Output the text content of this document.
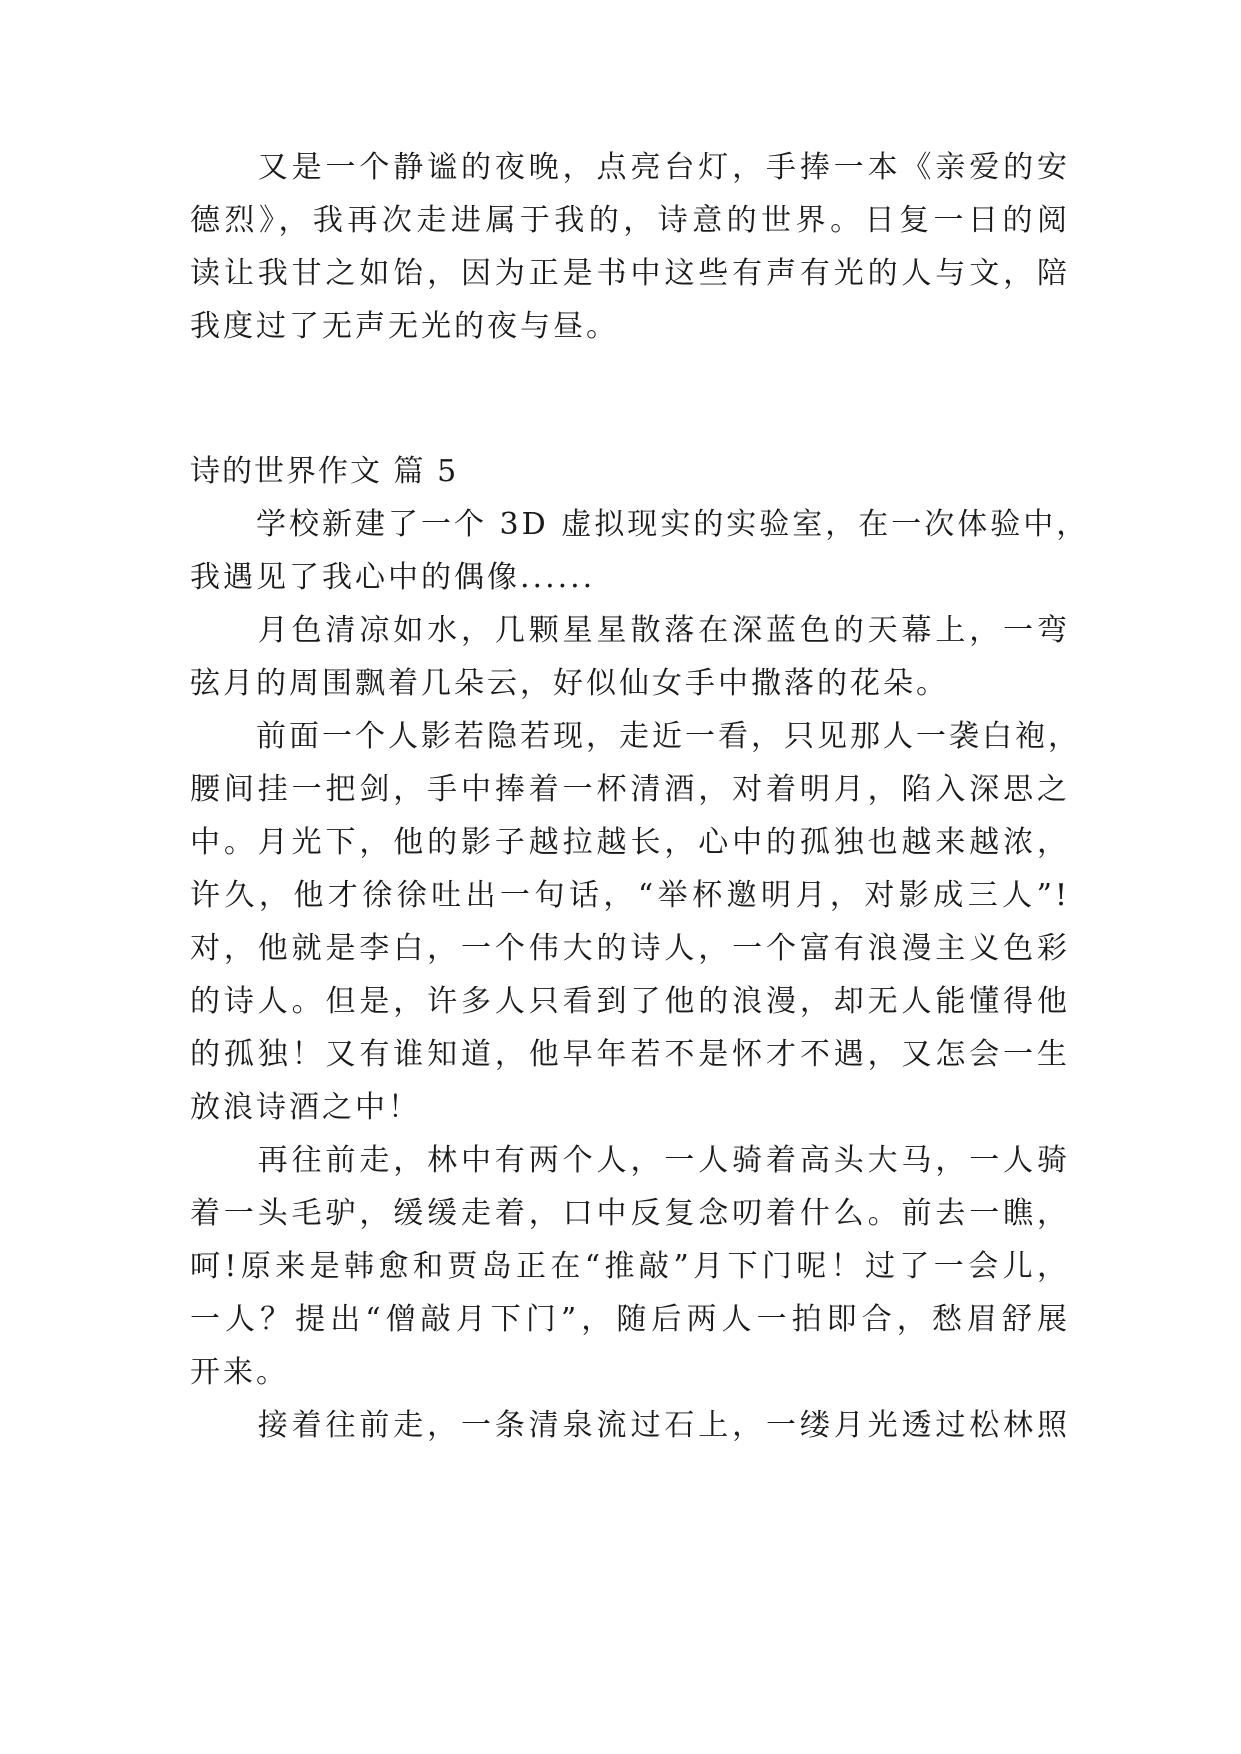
　　又是一个静谧的夜晚，点亮台灯，手捧一本《亲爱的安
德烈》，我再次走进属于我的，诗意的世界。日复一日的阅
读让我甘之如饴，因为正是书中这些有声有光的人与文，陪
我度过了无声无光的夜与昼。
诗的世界作文 篇 5
　　学校新建了一个 3D 虚拟现实的实验室，在一次体验中，
我遇见了我心中的偶像......
　　月色清凉如水，几颗星星散落在深蓝色的天幕上，一弯
弦月的周围飘着几朵云，好似仙女手中撒落的花朵。
　　前面一个人影若隐若现，走近一看，只见那人一袭白袍，
腰间挂一把剑，手中捧着一杯清酒，对着明月，陷入深思之
中。月光下，他的影子越拉越长，心中的孤独也越来越浓，
许久，他才徐徐吐出一句话，“举杯邀明月，对影成三人”!
对，他就是李白，一个伟大的诗人，一个富有浪漫主义色彩
的诗人。但是，许多人只看到了他的浪漫，却无人能懂得他
的孤独！又有谁知道，他早年若不是怀才不遇，又怎会一生
放浪诗酒之中！
　　再往前走，林中有两个人，一人骑着高头大马，一人骑
着一头毛驴，缓缓走着，口中反复念叨着什么。前去一瞧，
呵!原来是韩愈和贾岛正在“推敲”月下门呢！过了一会儿，
一人？提出“僧敲月下门”，随后两人一拍即合，愁眉舒展
开来。
　　接着往前走，一条清泉流过石上，一缕月光透过松林照
